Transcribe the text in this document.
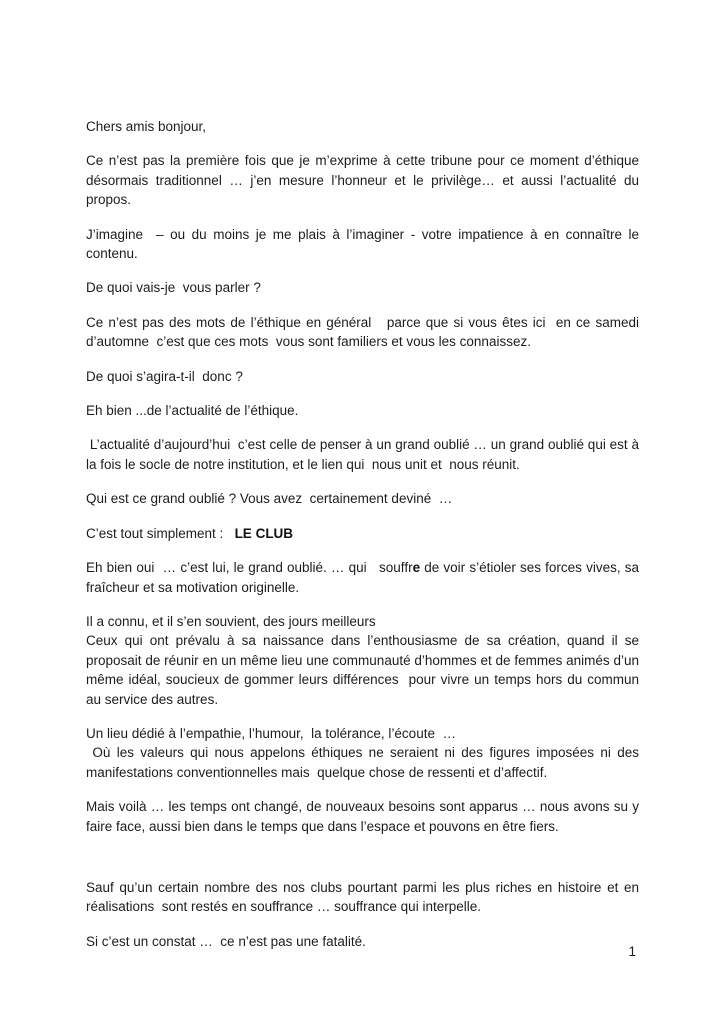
Chers amis bonjour,

Ce n’est pas la première fois que je m’exprime à cette tribune pour ce moment d’éthique désormais traditionnel … j’en mesure l’honneur et le privilège… et aussi l’actualité du propos.

J’imagine  – ou du moins je me plais à l’imaginer - votre impatience à en connaître le contenu.

De quoi vais-je  vous parler ?

Ce n’est pas des mots de l’éthique en général   parce que si vous êtes ici  en ce samedi d’automne  c’est que ces mots  vous sont familiers et vous les connaissez.

De quoi s’agira-t-il  donc ?

Eh bien ...de l’actualité de l’éthique.

L’actualité d’aujourd’hui  c’est celle de penser à un grand oublié … un grand oublié qui est à la fois le socle de notre institution, et le lien qui  nous unit et  nous réunit.

Qui est ce grand oublié ? Vous avez  certainement deviné  …

C’est tout simplement :   LE CLUB

Eh bien oui  … c’est lui, le grand oublié. … qui   souffre de voir s’étioler ses forces vives, sa fraîcheur et sa motivation originelle.

Il a connu, et il s’en souvient, des jours meilleurs

Ceux qui ont prévalu à sa naissance dans l’enthousiasme de sa création, quand il se proposait de réunir en un même lieu une communauté d’hommes et de femmes animés d’un même idéal, soucieux de gommer leurs différences  pour vivre un temps hors du commun au service des autres.

Un lieu dédié à l’empathie, l’humour,  la tolérance, l’écoute  …

Où les valeurs qui nous appelons éthiques ne seraient ni des figures imposées ni des manifestations conventionnelles mais  quelque chose de ressenti et d’affectif.

Mais voilà … les temps ont changé, de nouveaux besoins sont apparus … nous avons su y faire face, aussi bien dans le temps que dans l’espace et pouvons en être fiers.

Sauf qu’un certain nombre des nos clubs pourtant parmi les plus riches en histoire et en réalisations  sont restés en souffrance … souffrance qui interpelle.

Si c’est un constat …  ce n’est pas une fatalité.

1
